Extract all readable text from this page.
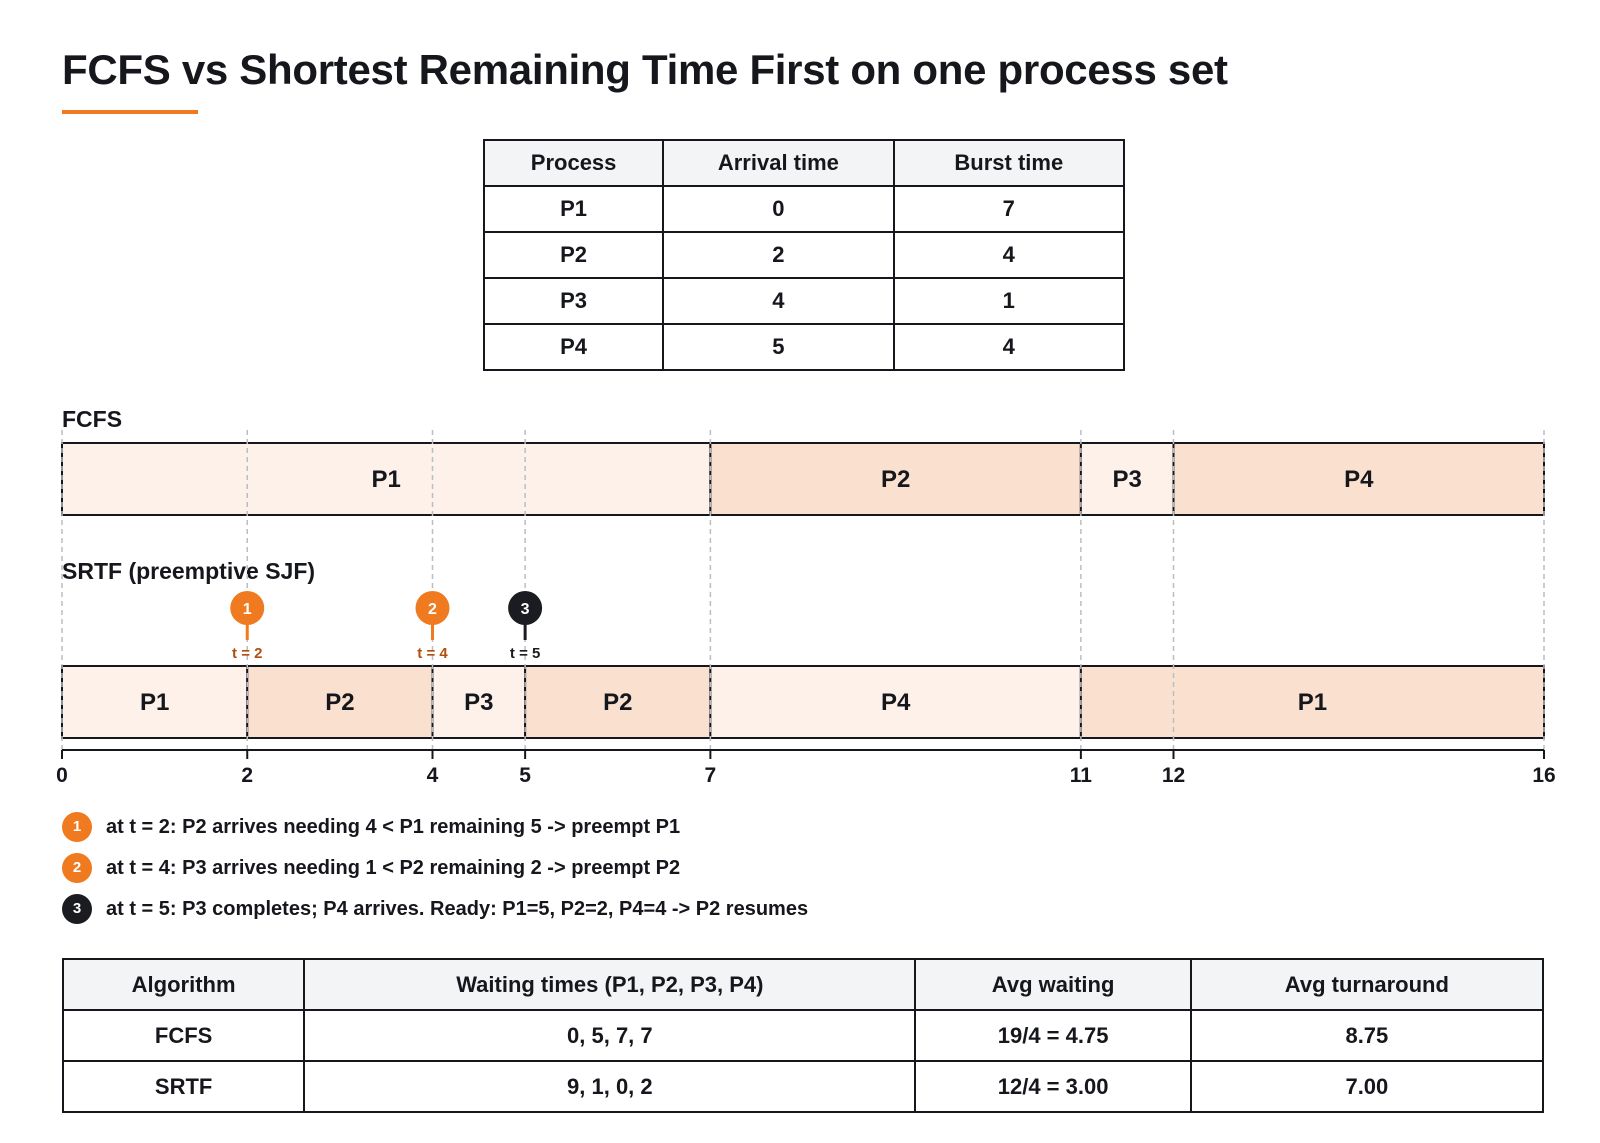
FCFS vs Shortest Remaining Time First on one process set
Process	Arrival time	Burst time
P1	0	7
P2	2	4
P3	4	1
P4	5	4
FCFS
P1	P2	P3	P4
SRTF (preemptive SJF)
P1	P2	P3	P2	P4	P1
0	2	4	5	7	11	12	16
1
t = 2
2
t = 4
3
t = 5
1	at t = 2: P2 arrives needing 4 < P1 remaining 5 -> preempt P1
2	at t = 4: P3 arrives needing 1 < P2 remaining 2 -> preempt P2
3	at t = 5: P3 completes; P4 arrives. Ready: P1=5, P2=2, P4=4 -> P2 resumes
Algorithm	Waiting times (P1, P2, P3, P4)	Avg waiting	Avg turnaround
FCFS	0, 5, 7, 7	19/4 = 4.75	8.75
SRTF	9, 1, 0, 2	12/4 = 3.00	7.00
